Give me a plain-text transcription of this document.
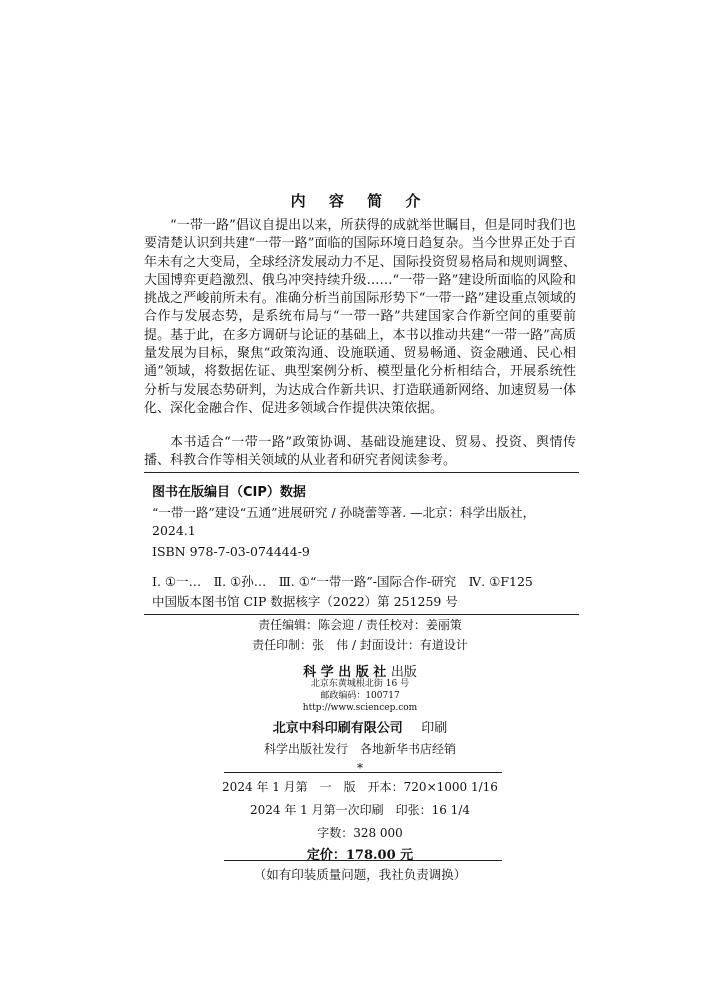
内 容 简 介

“一带一路”倡议自提出以来，所获得的成就举世瞩目，但是同时我们也要清楚认识到共建“一带一路”面临的国际环境日趋复杂。当今世界正处于百年未有之大变局，全球经济发展动力不足、国际投资贸易格局和规则调整、大国博弈更趋激烈、俄乌冲突持续升级……“一带一路”建设所面临的风险和挑战之严峻前所未有。准确分析当前国际形势下“一带一路”建设重点领域的合作与发展态势，是系统布局与“一带一路”共建国家合作新空间的重要前提。基于此，在多方调研与论证的基础上，本书以推动共建“一带一路”高质量发展为目标，聚焦“政策沟通、设施联通、贸易畅通、资金融通、民心相通”领域，将数据佐证、典型案例分析、模型量化分析相结合，开展系统性分析与发展态势研判，为达成合作新共识、打造联通新网络、加速贸易一体化、深化金融合作、促进多领域合作提供决策依据。

本书适合“一带一路”政策协调、基础设施建设、贸易、投资、舆情传播、科教合作等相关领域的从业者和研究者阅读参考。

图书在版编目（CIP）数据
“一带一路”建设“五通”进展研究 / 孙晓蕾等著. —北京：科学出版社，2024.1
ISBN 978-7-03-074444-9
Ⅰ. ①一…　Ⅱ. ①孙…　Ⅲ. ①“一带一路”-国际合作-研究　Ⅳ. ①F125
中国版本图书馆 CIP 数据核字（2022）第 251259 号
责任编辑：陈会迎 / 责任校对：姜丽策
责任印制：张　伟 / 封面设计：有道设计
科 学 出 版 社 出版
北京东黄城根北街 16 号
邮政编码：100717
http://www.sciencep.com
北京中科印刷有限公司 印刷
科学出版社发行　各地新华书店经销
*
2024 年 1 月第　一　版　开本：720×1000 1/16
2024 年 1 月第一次印刷　印张：16 1/4
字数：328 000
定价：178.00 元
（如有印装质量问题，我社负责调换）
